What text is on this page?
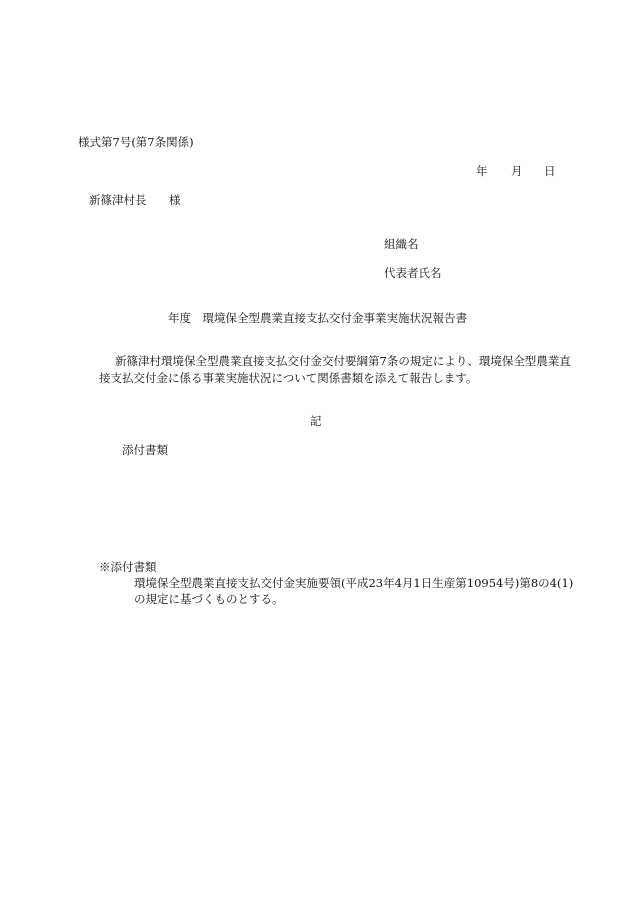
様式第7号(第7条関係)
年 月 日
新篠津村長 様
組織名
代表者氏名
年度　環境保全型農業直接支払交付金事業実施状況報告書
新篠津村環境保全型農業直接支払交付金交付要綱第7条の規定により、環境保全型農業直
接支払交付金に係る事業実施状況について関係書類を添えて報告します。
記
添付書類
※添付書類
環境保全型農業直接支払交付金実施要領(平成23年4月1日生産第10954号)第8の4(1)
の規定に基づくものとする。
